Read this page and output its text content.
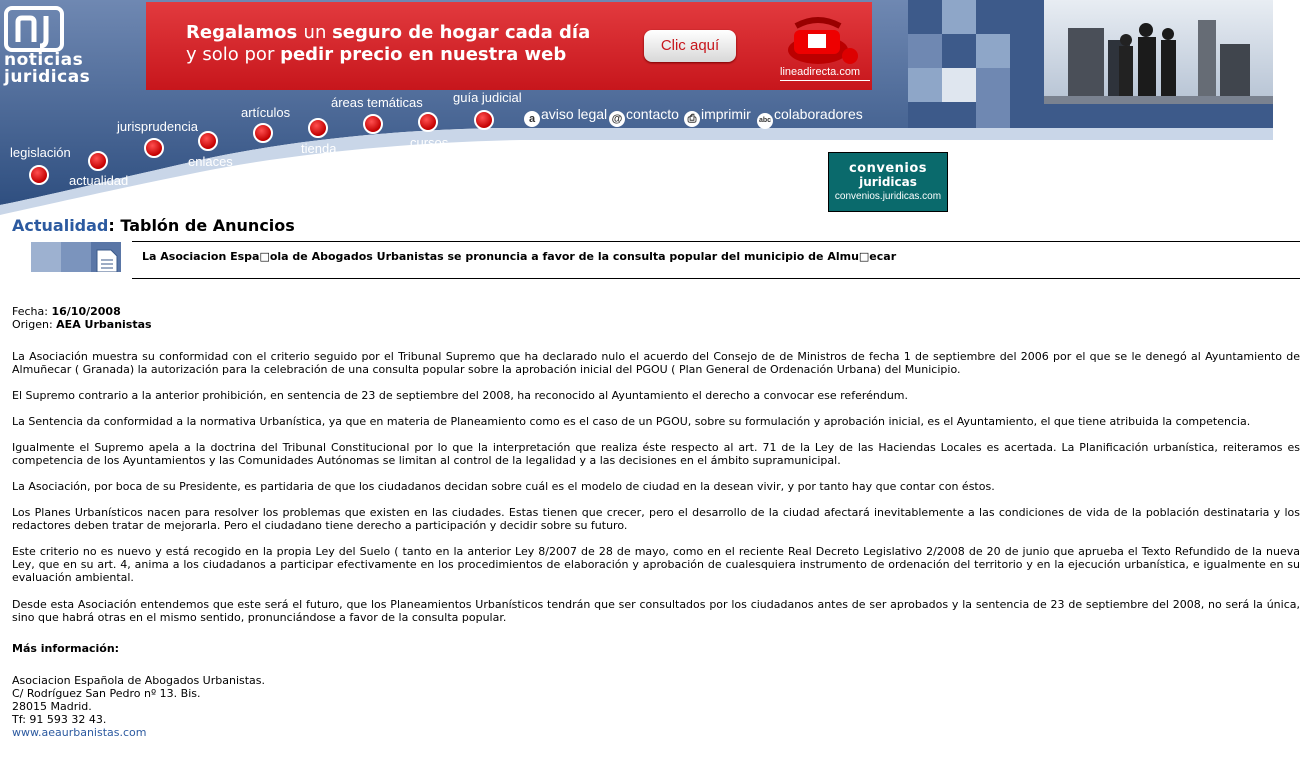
noticias
juridicas
Regalamos un seguro de hogar cada día
y solo por pedir precio en nuestra web	Clic aquí
lineadirecta.com
a aviso legal @ contacto ⎙ imprimir abc colaboradores
legislación
actualidad
jurisprudencia
enlaces
artículos
tienda
áreas temáticas
cursos
guía judicial
convenios
juridicas
convenios.juridicas.com
Actualidad: Tablón de Anuncios
La Asociacion Espa□ola de Abogados Urbanistas se pronuncia a favor de la consulta popular del municipio de Almu□ecar
Fecha: 16/10/2008
Origen: AEA Urbanistas
La Asociación muestra su conformidad con el criterio seguido por el Tribunal Supremo que ha declarado nulo el acuerdo del Consejo de de Ministros de fecha 1 de septiembre del 2006 por el que se le denegó al Ayuntamiento de Almuñecar ( Granada) la autorización para la celebración de una consulta popular sobre la aprobación inicial del PGOU ( Plan General de Ordenación Urbana) del Municipio.
El Supremo contrario a la anterior prohibición, en sentencia de 23 de septiembre del 2008, ha reconocido al Ayuntamiento el derecho a convocar ese referéndum.
La Sentencia da conformidad a la normativa Urbanística, ya que en materia de Planeamiento como es el caso de un PGOU, sobre su formulación y aprobación inicial, es el Ayuntamiento, el que tiene atribuida la competencia.
Igualmente el Supremo apela a la doctrina del Tribunal Constitucional por lo que la interpretación que realiza éste respecto al art. 71 de la Ley de las Haciendas Locales es acertada. La Planificación urbanística, reiteramos es competencia de los Ayuntamientos y las Comunidades Autónomas se limitan al control de la legalidad y a las decisiones en el ámbito supramunicipal.
La Asociación, por boca de su Presidente, es partidaria de que los ciudadanos decidan sobre cuál es el modelo de ciudad en la desean vivir, y por tanto hay que contar con éstos.
Los Planes Urbanísticos nacen para resolver los problemas que existen en las ciudades. Estas tienen que crecer, pero el desarrollo de la ciudad afectará inevitablemente a las condiciones de vida de la población destinataria y los redactores deben tratar de mejorarla. Pero el ciudadano tiene derecho a participación y decidir sobre su futuro.
Este criterio no es nuevo y está recogido en la propia Ley del Suelo ( tanto en la anterior Ley 8/2007 de 28 de mayo, como en el reciente Real Decreto Legislativo 2/2008 de 20 de junio que aprueba el Texto Refundido de la nueva Ley, que en su art. 4, anima a los ciudadanos a participar efectivamente en los procedimientos de elaboración y aprobación de cualesquiera instrumento de ordenación del territorio y en la ejecución urbanística, e igualmente en su evaluación ambiental.
Desde esta Asociación entendemos que este será el futuro, que los Planeamientos Urbanísticos tendrán que ser consultados por los ciudadanos antes de ser aprobados y la sentencia de 23 de septiembre del 2008, no será la única, sino que habrá otras en el mismo sentido, pronunciándose a favor de la consulta popular.
Más información:
Asociacion Española de Abogados Urbanistas.
C/ Rodríguez San Pedro nº 13. Bis.
28015 Madrid.
Tf: 91 593 32 43.
www.aeaurbanistas.com
